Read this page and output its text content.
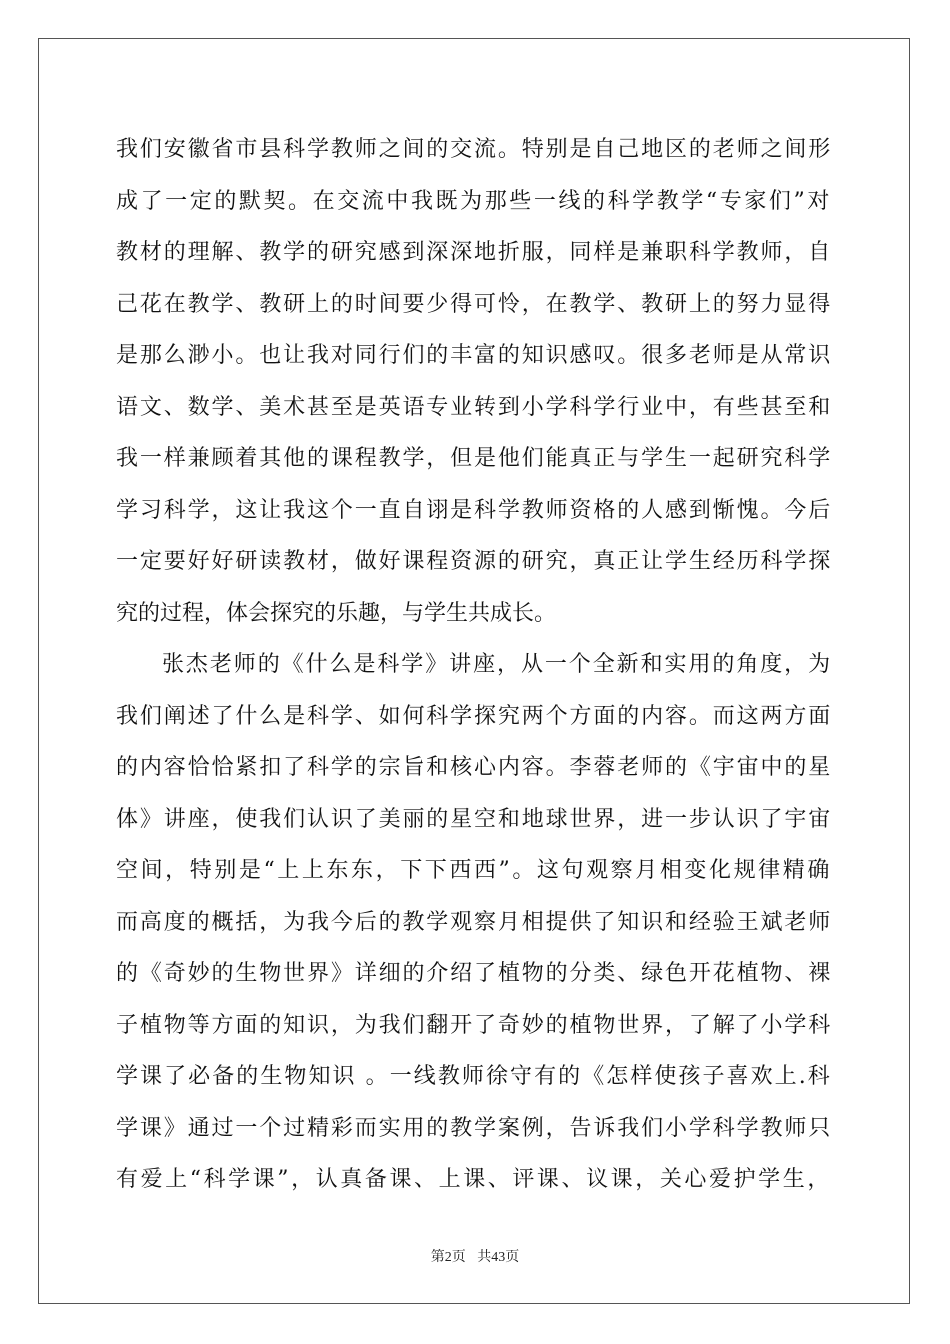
我们安徽省市县科学教师之间的交流。特别是自己地区的老师之间形
成了一定的默契。在交流中我既为那些一线的科学教学“专家们”对
教材的理解、教学的研究感到深深地折服，同样是兼职科学教师，自
己花在教学、教研上的时间要少得可怜，在教学、教研上的努力显得
是那么渺小。也让我对同行们的丰富的知识感叹。很多老师是从常识
语文、数学、美术甚至是英语专业转到小学科学行业中，有些甚至和
我一样兼顾着其他的课程教学，但是他们能真正与学生一起研究科学
学习科学，这让我这个一直自诩是科学教师资格的人感到惭愧。今后
一定要好好研读教材，做好课程资源的研究，真正让学生经历科学探
究的过程，体会探究的乐趣，与学生共成长。
张杰老师的《什么是科学》讲座，从一个全新和实用的角度，为
我们阐述了什么是科学、如何科学探究两个方面的内容。而这两方面
的内容恰恰紧扣了科学的宗旨和核心内容。李蓉老师的《宇宙中的星
体》讲座，使我们认识了美丽的星空和地球世界，进一步认识了宇宙
空间，特别是“上上东东，下下西西”。这句观察月相变化规律精确
而高度的概括，为我今后的教学观察月相提供了知识和经验王斌老师
的《奇妙的生物世界》详细的介绍了植物的分类、绿色开花植物、裸
子植物等方面的知识，为我们翻开了奇妙的植物世界，了解了小学科
学课了必备的生物知识 。一线教师徐守有的《怎样使孩子喜欢上.科
学课》通过一个过精彩而实用的教学案例，告诉我们小学科学教师只
有爱上“科学课”，认真备课、上课、评课、议课，关心爱护学生，
第2页 共43页
